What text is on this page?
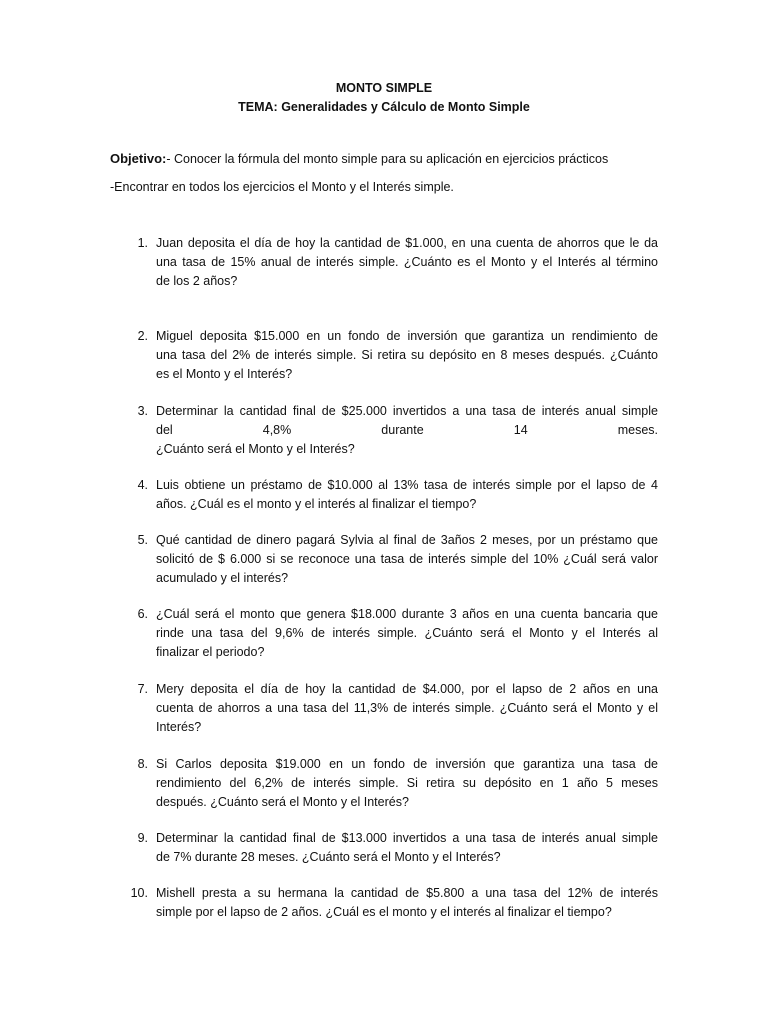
MONTO SIMPLE
TEMA: Generalidades y Cálculo de Monto Simple
Objetivo:- Conocer la fórmula del monto simple para su aplicación en ejercicios prácticos
-Encontrar en todos los ejercicios el Monto y el Interés simple.
1. Juan deposita el día de hoy la cantidad de $1.000, en una cuenta de ahorros que le da
una tasa de 15% anual de interés simple. ¿Cuánto es el Monto y el Interés al término
de los 2 años?
2. Miguel deposita $15.000 en un fondo de inversión que garantiza un rendimiento de
una tasa del 2% de interés simple. Si retira su depósito en 8 meses después. ¿Cuánto
es el Monto y el Interés?
3. Determinar la cantidad final de $25.000 invertidos a una tasa de interés anual simple
del 4,8% durante 14 meses.
¿Cuánto será el Monto y el Interés?
4. Luis obtiene un préstamo de $10.000 al 13% tasa de interés simple por el lapso de 4
años. ¿Cuál es el monto y el interés al finalizar el tiempo?
5. Qué cantidad de dinero pagará Sylvia al final de 3años 2 meses, por un préstamo que
solicitó de $ 6.000 si se reconoce una tasa de interés simple del 10% ¿Cuál será valor
acumulado y el interés?
6. ¿Cuál será el monto que genera $18.000 durante 3 años en una cuenta bancaria que
rinde una tasa del 9,6% de interés simple. ¿Cuánto será el Monto y el Interés al
finalizar el periodo?
7. Mery deposita el día de hoy la cantidad de $4.000, por el lapso de 2 años en una
cuenta de ahorros a una tasa del 11,3% de interés simple. ¿Cuánto será el Monto y el
Interés?
8. Si Carlos deposita $19.000 en un fondo de inversión que garantiza una tasa de
rendimiento del 6,2% de interés simple. Si retira su depósito en 1 año 5 meses
después. ¿Cuánto será el Monto y el Interés?
9. Determinar la cantidad final de $13.000 invertidos a una tasa de interés anual simple
de 7% durante 28 meses. ¿Cuánto será el Monto y el Interés?
10. Mishell presta a su hermana la cantidad de $5.800 a una tasa del 12% de interés
simple por el lapso de 2 años. ¿Cuál es el monto y el interés al finalizar el tiempo?
